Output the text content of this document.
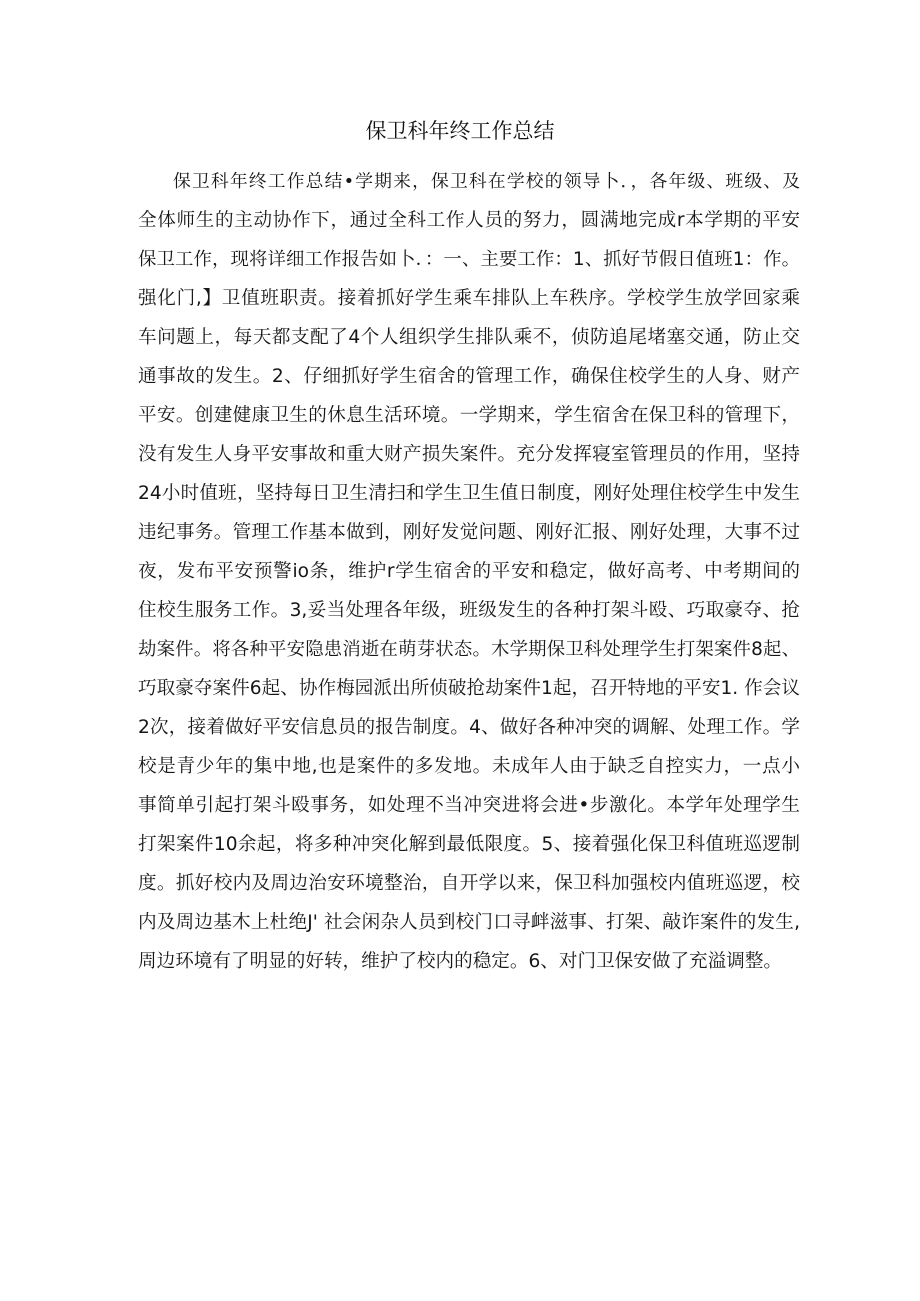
保卫科年终工作总结
保卫科年终工作总结•学期来，保卫科在学校的领导卜．，各年级、班级、及
全体师生的主动协作下，通过全科工作人员的努力，圆满地完成r本学期的平安
保卫工作，现将详细工作报告如卜．：一、主要工作：1、抓好节假日值班1：作。
强化门,】卫值班职责。接着抓好学生乘车排队上车秩序。学校学生放学回家乘
车问题上，每天都支配了4个人组织学生排队乘不，侦防追尾堵塞交通，防止交
通事故的发生。2、仔细抓好学生宿舍的管理工作，确保住校学生的人身、财产
平安。创建健康卫生的休息生活环境。一学期来，学生宿舍在保卫科的管理下，
没有发生人身平安事故和重大财产损失案件。充分发挥寝室管理员的作用，坚持
24小时值班，坚持每日卫生清扫和学生卫生值日制度，刚好处理住校学生中发生
违纪事务。管理工作基本做到，刚好发觉问题、刚好汇报、刚好处理，大事不过
夜，发布平安预警io条，维护r学生宿舍的平安和稳定，做好高考、中考期间的
住校生服务工作。3,妥当处理各年级，班级发生的各种打架斗殴、巧取豪夺、抢
劫案件。将各种平安隐患消逝在萌芽状态。木学期保卫科处理学生打架案件8起、
巧取豪夺案件6起、协作梅园派出所侦破抢劫案件1起，召开特地的平安1. 作会议
2次，接着做好平安信息员的报告制度。4、做好各种冲突的调解、处理工作。学
校是青少年的集中地,也是案件的多发地。未成年人由于缺乏自控实力，一点小
事简单引起打架斗殴事务，如处理不当冲突进将会进•步激化。本学年处理学生
打架案件10余起，将多种冲突化解到最低限度。5、接着强化保卫科值班巡逻制
度。抓好校内及周边治安环境整治，自开学以来，保卫科加强校内值班巡逻，校
内及周边基木上杜绝J' 社会闲杂人员到校门口寻衅滋事、打架、敲诈案件的发生,
周边环境有了明显的好转，维护了校内的稳定。6、对门卫保安做了充溢调整。
